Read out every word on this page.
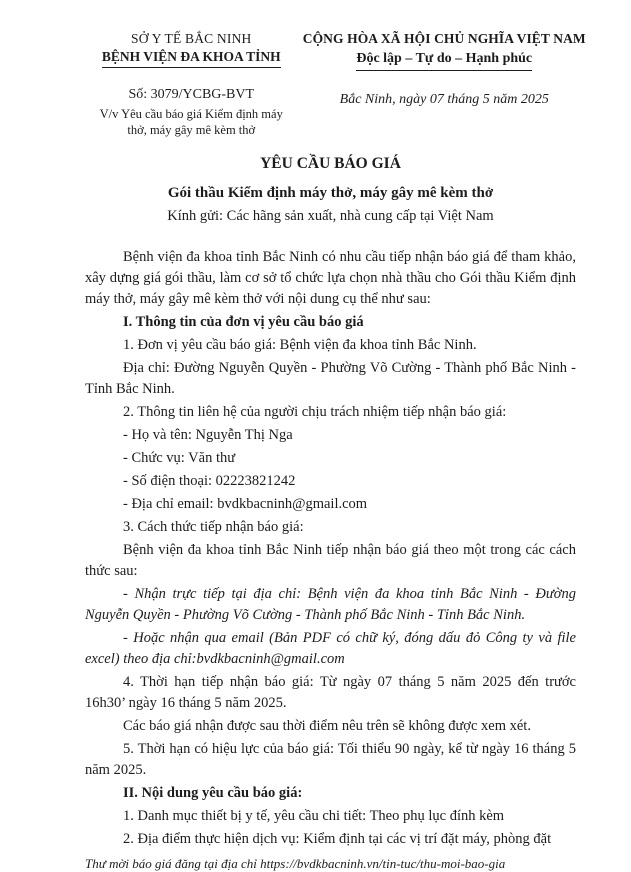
SỞ Y TẾ BẮC NINH
BỆNH VIỆN ĐA KHOA TỈNH
Số: 3079/YCBG-BVT
V/v Yêu cầu báo giá Kiểm định máy thở, máy gây mê kèm thở
CỘNG HÒA XÃ HỘI CHỦ NGHĨA VIỆT NAM
Độc lập – Tự do – Hạnh phúc
Bắc Ninh, ngày 07 tháng 5 năm 2025
YÊU CẦU BÁO GIÁ
Gói thầu Kiểm định máy thở, máy gây mê kèm thở
Kính gửi: Các hãng sản xuất, nhà cung cấp tại Việt Nam

Bệnh viện đa khoa tỉnh Bắc Ninh có nhu cầu tiếp nhận báo giá để tham khảo, xây dựng giá gói thầu, làm cơ sở tổ chức lựa chọn nhà thầu cho Gói thầu Kiểm định máy thở, máy gây mê kèm thở với nội dung cụ thể như sau:

I. Thông tin của đơn vị yêu cầu báo giá

1. Đơn vị yêu cầu báo giá: Bệnh viện đa khoa tỉnh Bắc Ninh.

Địa chỉ: Đường Nguyễn Quyền - Phường Võ Cường - Thành phố Bắc Ninh - Tỉnh Bắc Ninh.

2. Thông tin liên hệ của người chịu trách nhiệm tiếp nhận báo giá:

- Họ và tên: Nguyễn Thị Nga

- Chức vụ: Văn thư

- Số điện thoại: 02223821242

- Địa chỉ email: bvdkbacninh@gmail.com

3. Cách thức tiếp nhận báo giá:

Bệnh viện đa khoa tỉnh Bắc Ninh tiếp nhận báo giá theo một trong các cách thức sau:

- Nhận trực tiếp tại địa chỉ: Bệnh viện đa khoa tỉnh Bắc Ninh - Đường Nguyễn Quyền - Phường Võ Cường - Thành phố Bắc Ninh - Tỉnh Bắc Ninh.

- Hoặc nhận qua email (Bản PDF có chữ ký, đóng dấu đỏ Công ty và file excel) theo địa chỉ:bvdkbacninh@gmail.com

4. Thời hạn tiếp nhận báo giá: Từ ngày 07 tháng 5 năm 2025 đến trước 16h30’ ngày 16 tháng 5 năm 2025.

Các báo giá nhận được sau thời điểm nêu trên sẽ không được xem xét.

5. Thời hạn có hiệu lực của báo giá: Tối thiểu 90 ngày, kể từ ngày 16 tháng 5 năm 2025.

II. Nội dung yêu cầu báo giá:

1. Danh mục thiết bị y tế, yêu cầu chi tiết: Theo phụ lục đính kèm

2. Địa điểm thực hiện dịch vụ: Kiểm định tại các vị trí đặt máy, phòng đặt

Thư mời báo giá đăng tại địa chỉ https://bvdkbacninh.vn/tin-tuc/thu-moi-bao-gia
